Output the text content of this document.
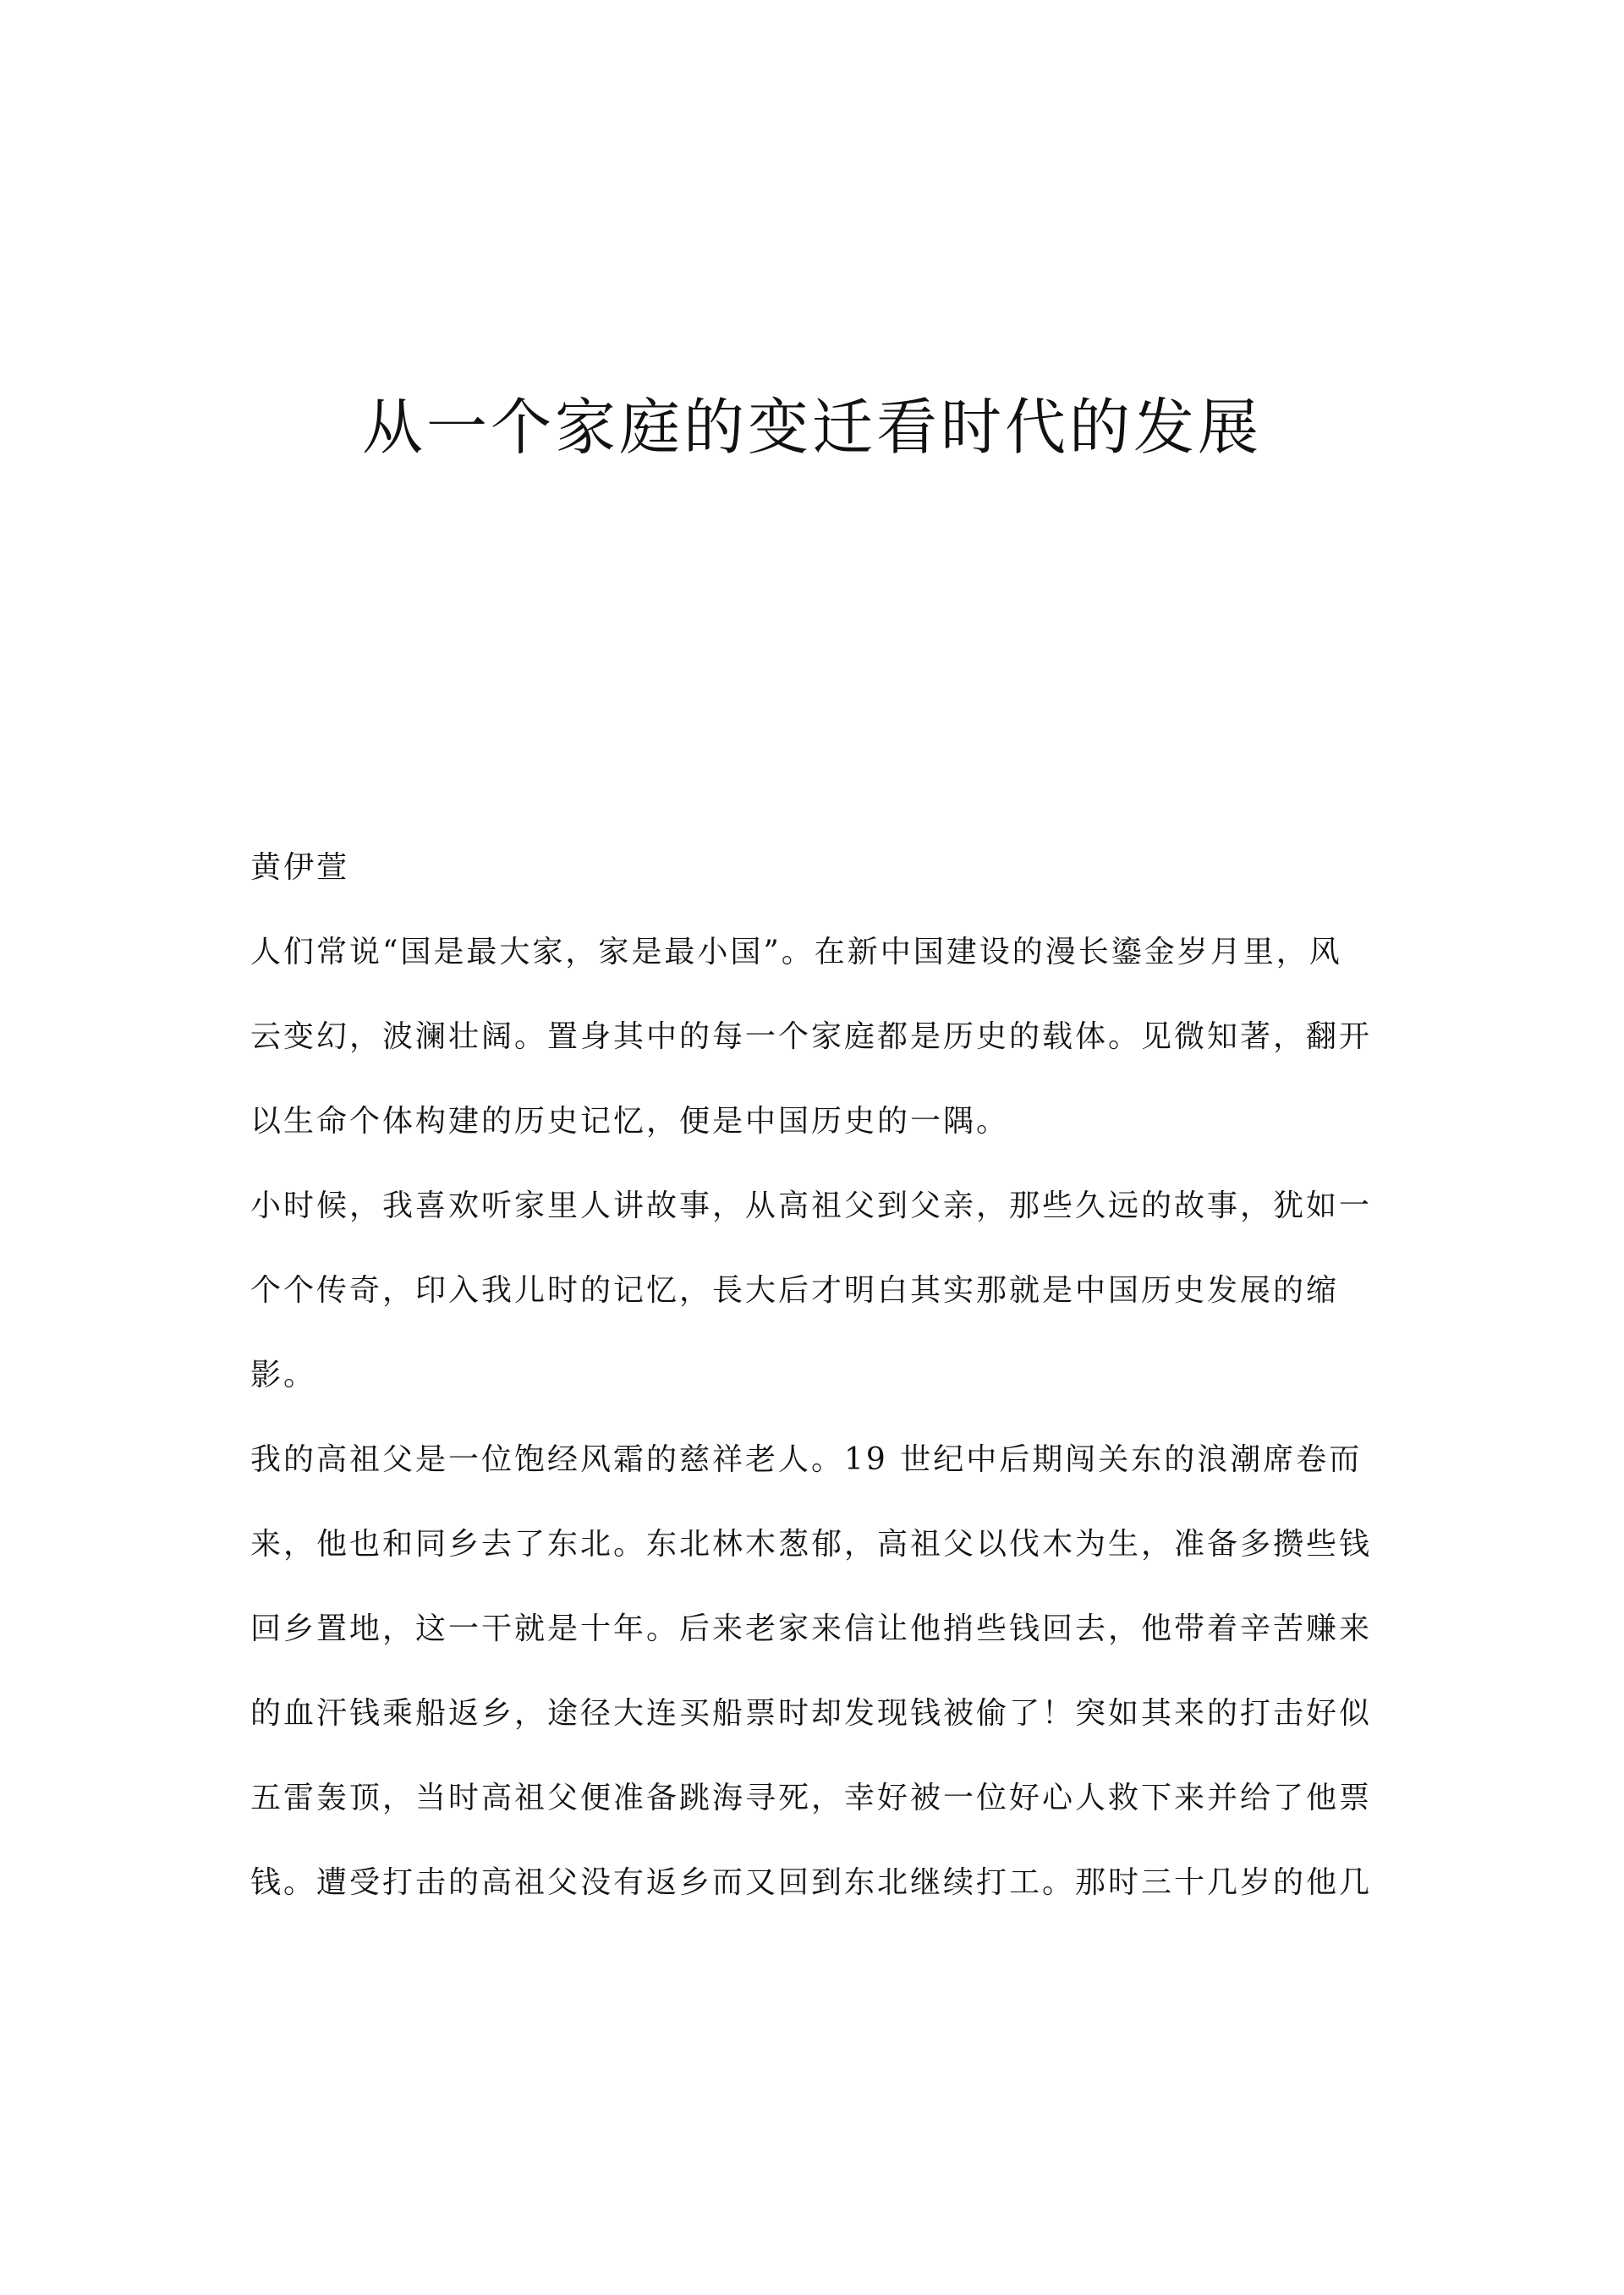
从一个家庭的变迁看时代的发展
黄伊萱
人们常说“国是最大家，家是最小国”。在新中国建设的漫长鎏金岁月里，风
云变幻，波澜壮阔。置身其中的每一个家庭都是历史的载体。见微知著，翻开
以生命个体构建的历史记忆，便是中国历史的一隅。
小时候，我喜欢听家里人讲故事，从高祖父到父亲，那些久远的故事，犹如一
个个传奇，印入我儿时的记忆，長大后才明白其实那就是中国历史发展的缩
影。
我的高祖父是一位饱经风霜的慈祥老人。19 世纪中后期闯关东的浪潮席卷而
来，他也和同乡去了东北。东北林木葱郁，高祖父以伐木为生，准备多攒些钱
回乡置地，这一干就是十年。后来老家来信让他捎些钱回去，他带着辛苦赚来
的血汗钱乘船返乡，途径大连买船票时却发现钱被偷了！突如其来的打击好似
五雷轰顶，当时高祖父便准备跳海寻死，幸好被一位好心人救下来并给了他票
钱。遭受打击的高祖父没有返乡而又回到东北继续打工。那时三十几岁的他几
